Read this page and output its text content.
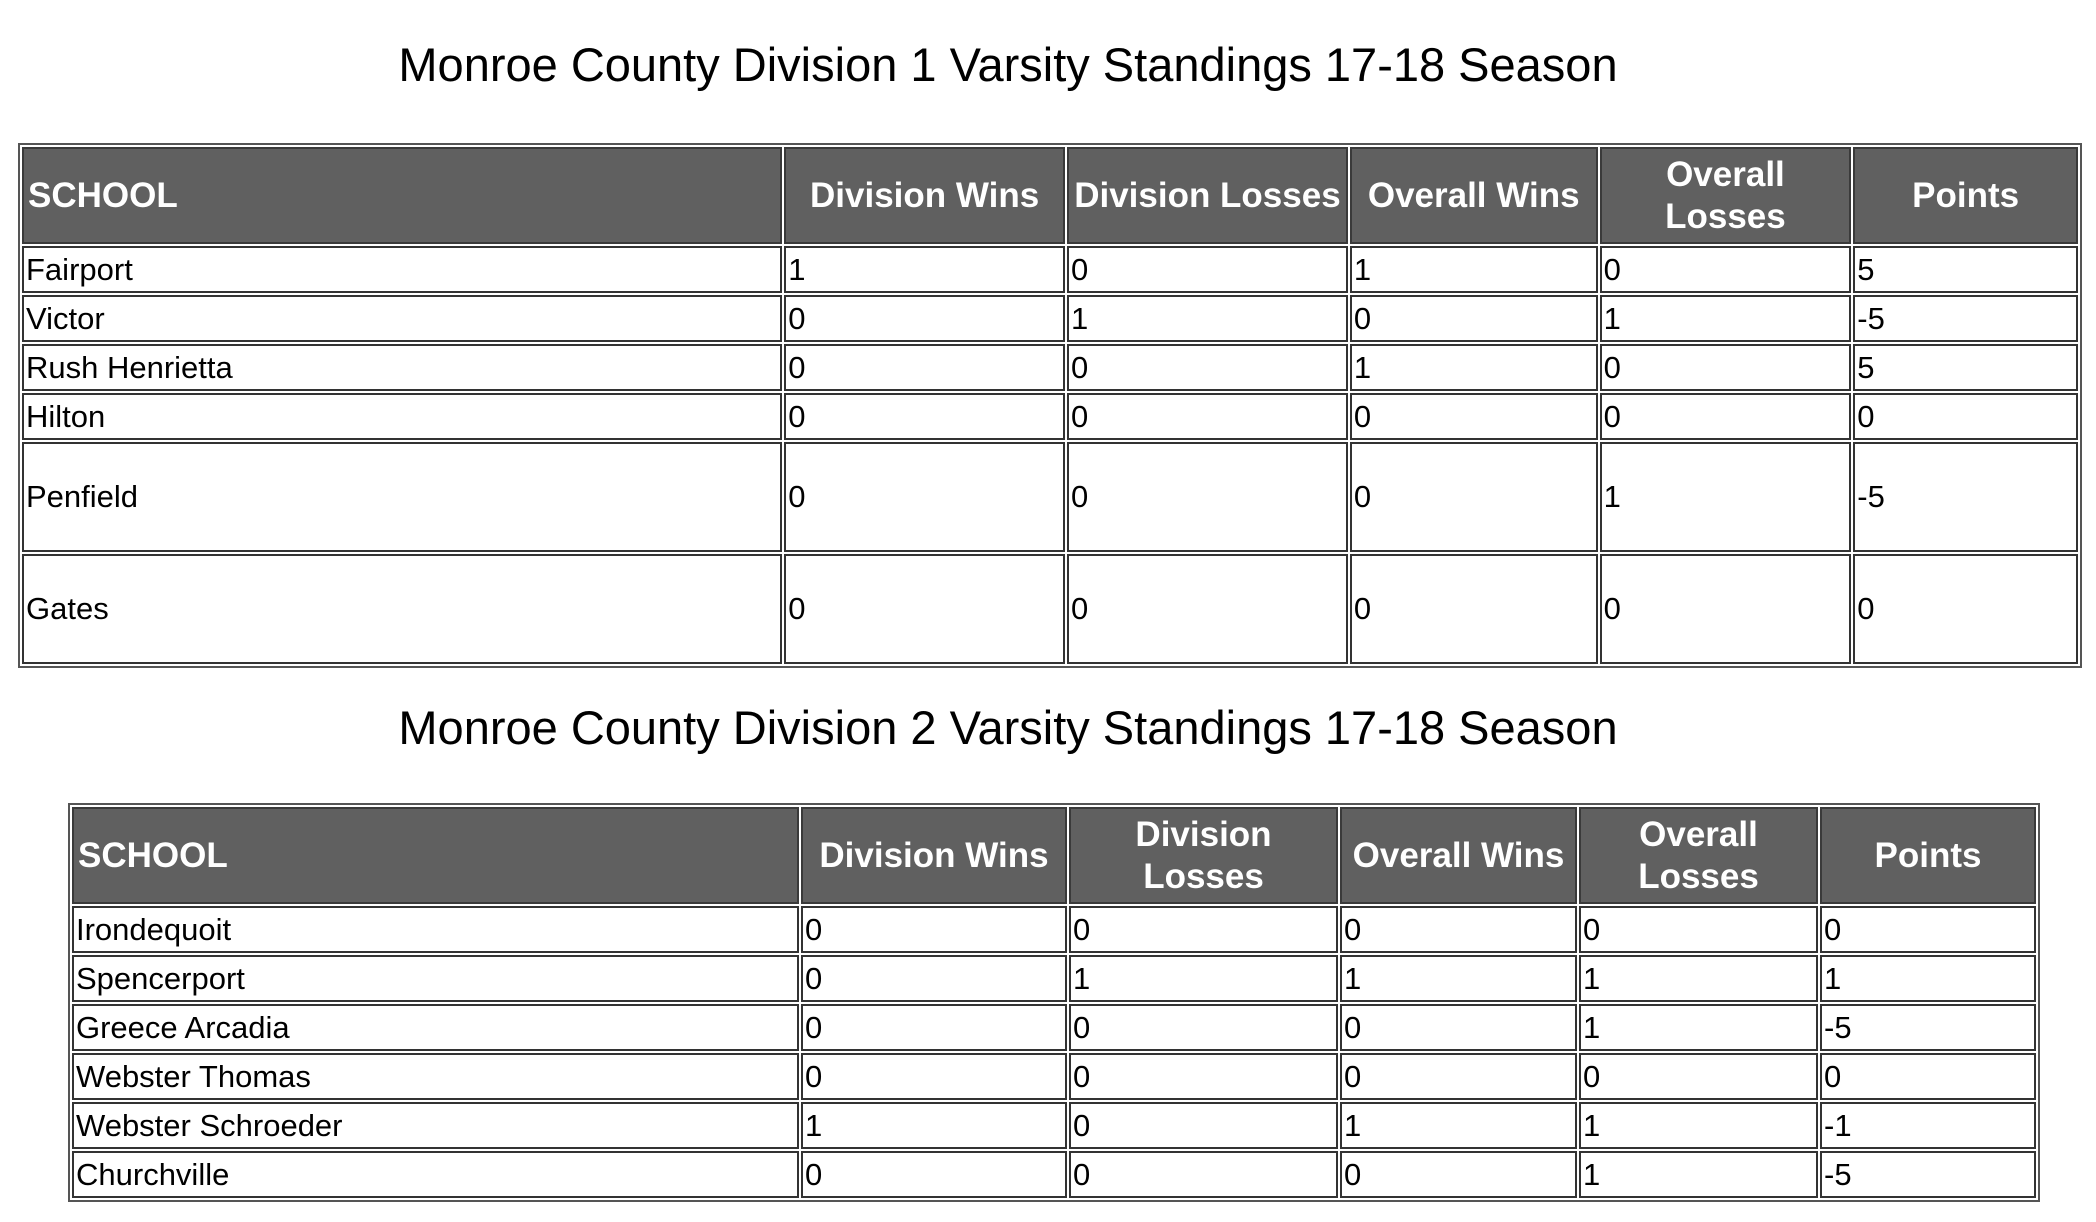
Monroe County Division 1 Varsity Standings 17-18 Season
SCHOOL	Division Wins	Division Losses	Overall Wins	Overall Losses	Points
Fairport	1	0	1	0	5
Victor	0	1	0	1	-5
Rush Henrietta	0	0	1	0	5
Hilton	0	0	0	0	0
Penfield	0	0	0	1	-5
Gates	0	0	0	0	0
Monroe County Division 2 Varsity Standings 17-18 Season
SCHOOL	Division Wins	Division Losses	Overall Wins	Overall Losses	Points
Irondequoit	0	0	0	0	0
Spencerport	0	1	1	1	1
Greece Arcadia	0	0	0	1	-5
Webster Thomas	0	0	0	0	0
Webster Schroeder	1	0	1	1	-1
Churchville	0	0	0	1	-5
